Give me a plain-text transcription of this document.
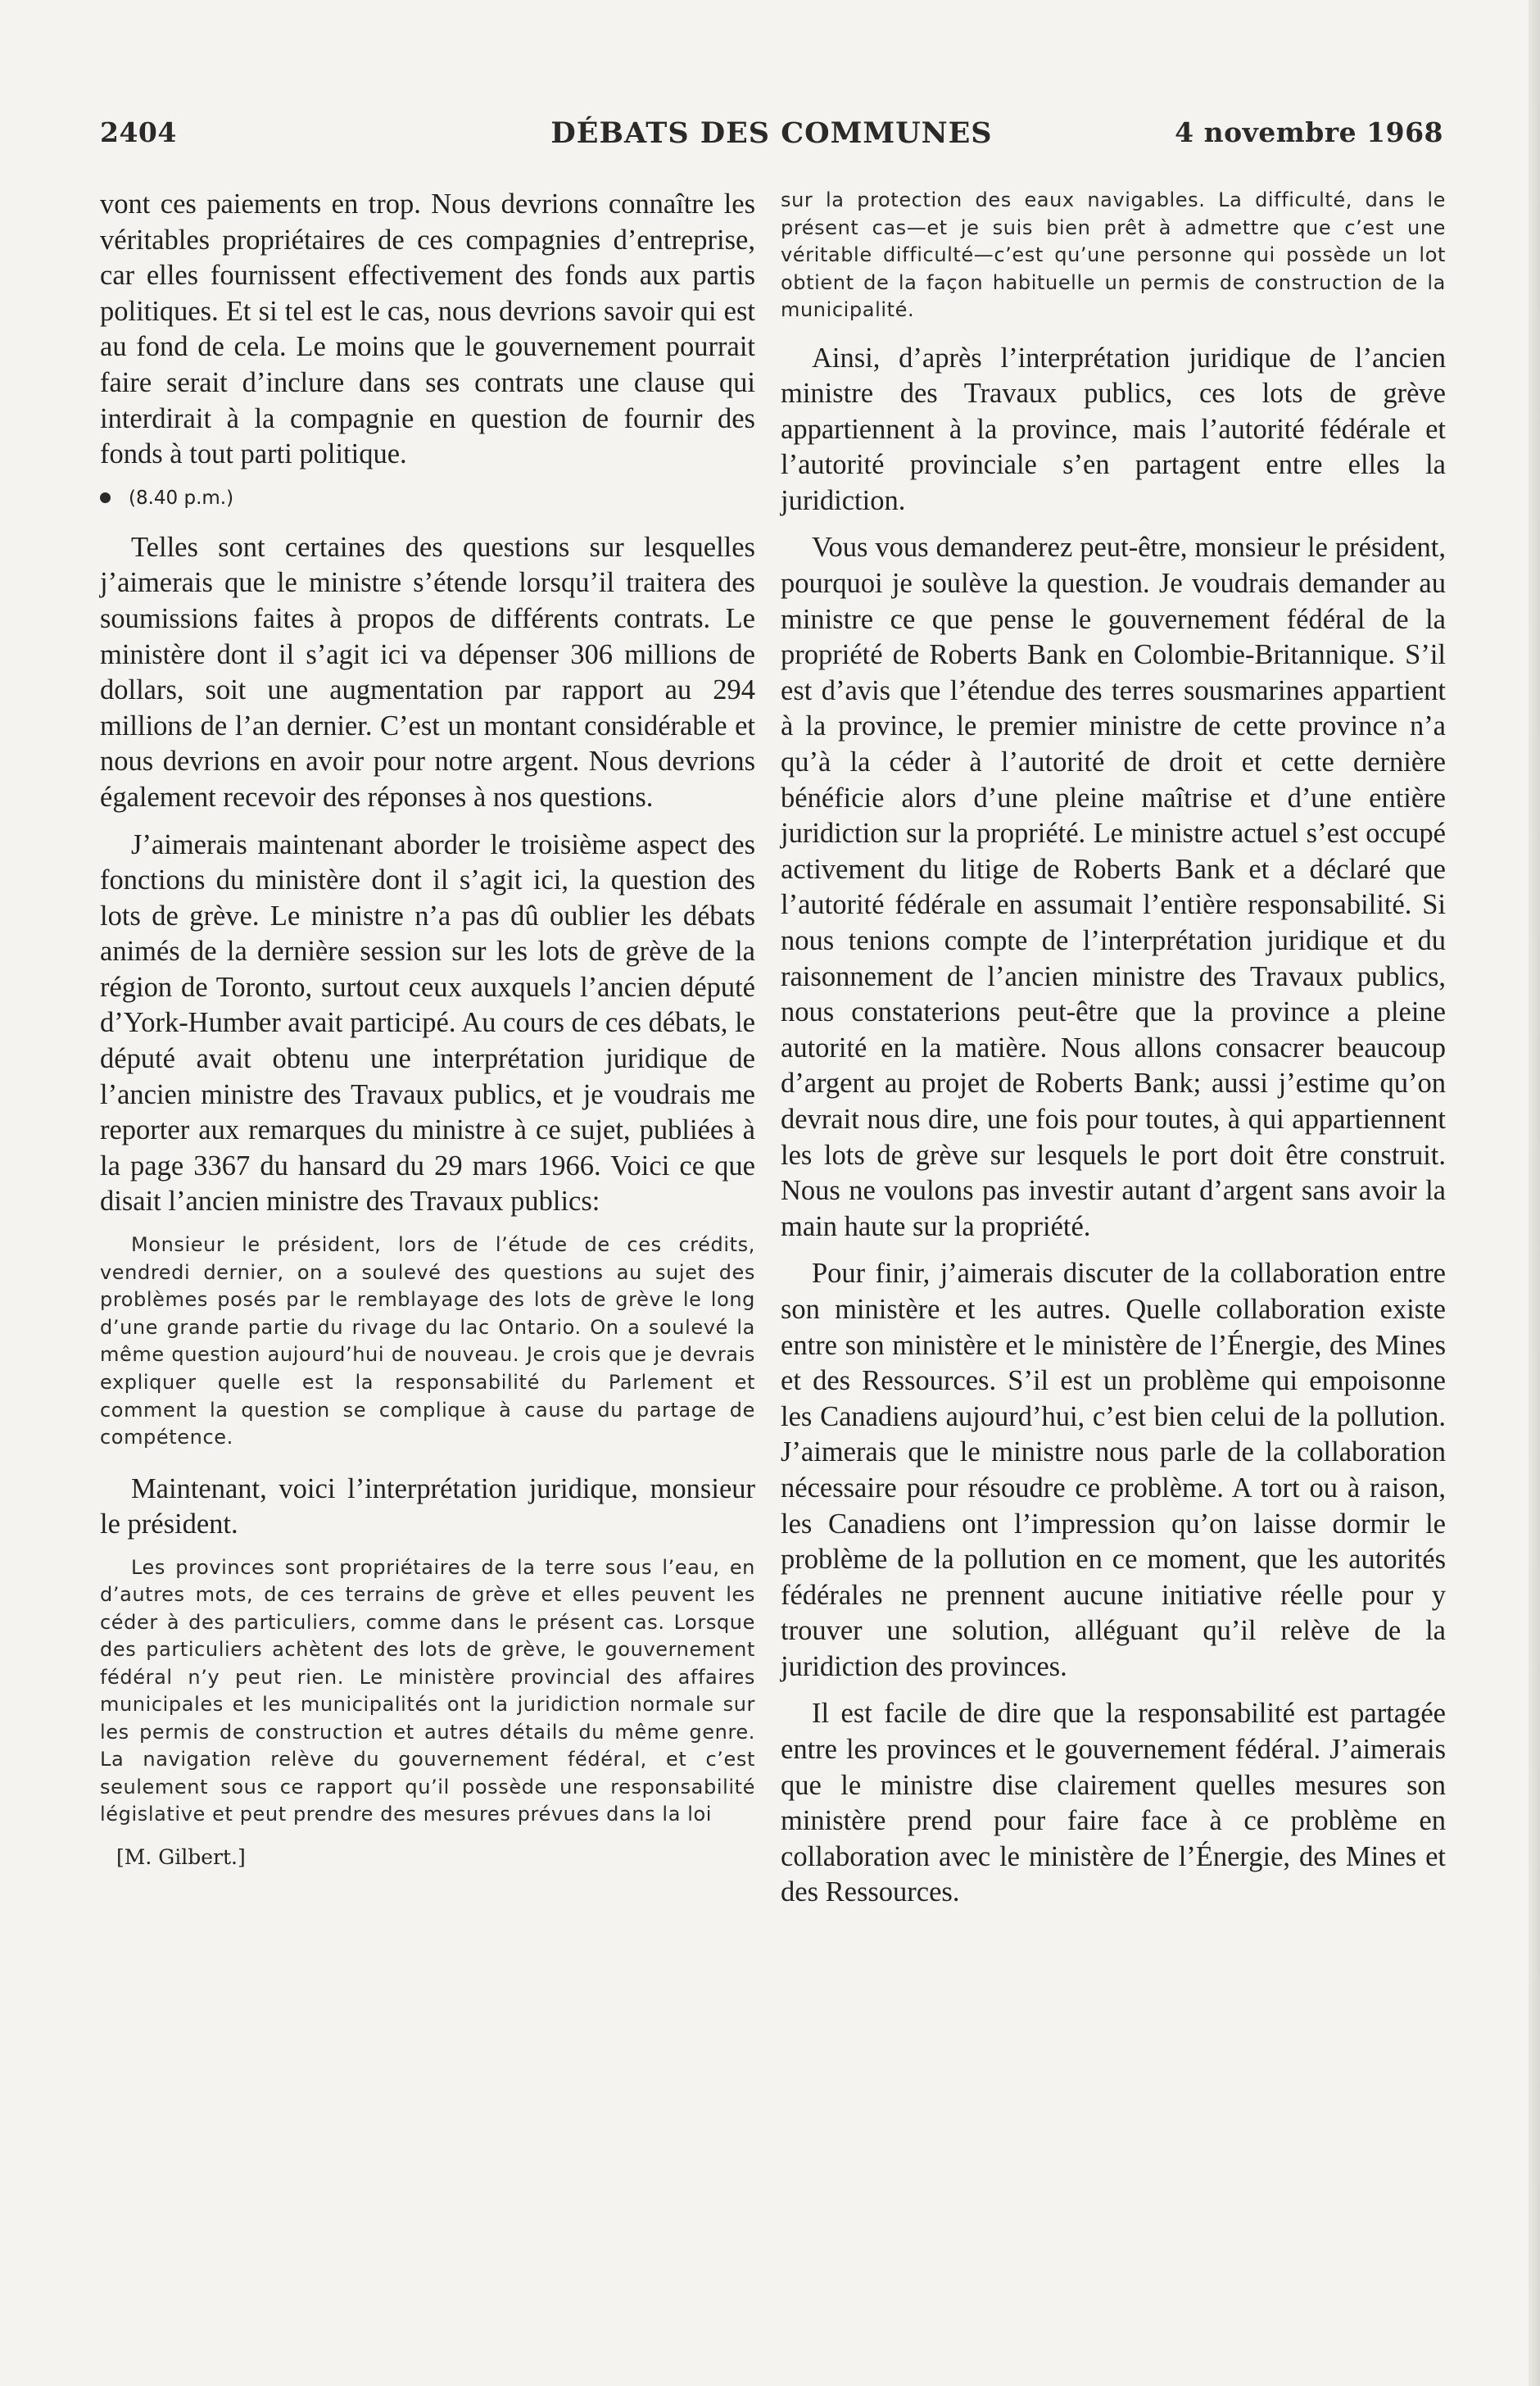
2404	DÉBATS DES COMMUNES	4 novembre 1968

vont ces paiements en trop. Nous devrions connaître les véritables propriétaires de ces compagnies d’entreprise, car elles fournissent effectivement des fonds aux partis politiques. Et si tel est le cas, nous devrions savoir qui est au fond de cela. Le moins que le gouvernement pourrait faire serait d’inclure dans ses contrats une clause qui interdirait à la compagnie en question de fournir des fonds à tout parti politique.

(8.40 p.m.)

Telles sont certaines des questions sur lesquelles j’aimerais que le ministre s’étende lorsqu’il traitera des soumissions faites à propos de différents contrats. Le ministère dont il s’agit ici va dépenser 306 millions de dollars, soit une augmentation par rapport au 294 millions de l’an dernier. C’est un montant considérable et nous devrions en avoir pour notre argent. Nous devrions également recevoir des réponses à nos questions.

J’aimerais maintenant aborder le troisième aspect des fonctions du ministère dont il s’agit ici, la question des lots de grève. Le ministre n’a pas dû oublier les débats animés de la dernière session sur les lots de grève de la région de Toronto, surtout ceux auxquels l’ancien député d’York-Humber avait participé. Au cours de ces débats, le député avait obtenu une interprétation juridique de l’ancien ministre des Travaux publics, et je voudrais me reporter aux remarques du ministre à ce sujet, publiées à la page 3367 du hansard du 29 mars 1966. Voici ce que disait l’ancien ministre des Travaux publics:

Monsieur le président, lors de l’étude de ces crédits, vendredi dernier, on a soulevé des questions au sujet des problèmes posés par le remblayage des lots de grève le long d’une grande partie du rivage du lac Ontario. On a soulevé la même question aujourd’hui de nouveau. Je crois que je devrais expliquer quelle est la responsabilité du Parlement et comment la question se complique à cause du partage de compétence.

Maintenant, voici l’interprétation juridique, monsieur le président.

Les provinces sont propriétaires de la terre sous l’eau, en d’autres mots, de ces terrains de grève et elles peuvent les céder à des particuliers, comme dans le présent cas. Lorsque des particuliers achètent des lots de grève, le gouvernement fédéral n’y peut rien. Le ministère provincial des affaires municipales et les municipalités ont la juridiction normale sur les permis de construction et autres détails du même genre. La navigation relève du gouvernement fédéral, et c’est seulement sous ce rapport qu’il possède une responsabilité législative et peut prendre des mesures prévues dans la loi

[M. Gilbert.]

sur la protection des eaux navigables. La difficulté, dans le présent cas—et je suis bien prêt à admettre que c’est une véritable difficulté—c’est qu’une personne qui possède un lot obtient de la façon habituelle un permis de construction de la municipalité.

Ainsi, d’après l’interprétation juridique de l’ancien ministre des Travaux publics, ces lots de grève appartiennent à la province, mais l’autorité fédérale et l’autorité provinciale s’en partagent entre elles la juridiction.

Vous vous demanderez peut-être, monsieur le président, pourquoi je soulève la question. Je voudrais demander au ministre ce que pense le gouvernement fédéral de la propriété de Roberts Bank en Colombie-Britannique. S’il est d’avis que l’étendue des terres sousmarines appartient à la province, le premier ministre de cette province n’a qu’à la céder à l’autorité de droit et cette dernière bénéficie alors d’une pleine maîtrise et d’une entière juridiction sur la propriété. Le ministre actuel s’est occupé activement du litige de Roberts Bank et a déclaré que l’autorité fédérale en assumait l’entière responsabilité. Si nous tenions compte de l’interprétation juridique et du raisonnement de l’ancien ministre des Travaux publics, nous constaterions peut-être que la province a pleine autorité en la matière. Nous allons consacrer beaucoup d’argent au projet de Roberts Bank; aussi j’estime qu’on devrait nous dire, une fois pour toutes, à qui appartiennent les lots de grève sur lesquels le port doit être construit. Nous ne voulons pas investir autant d’argent sans avoir la main haute sur la propriété.

Pour finir, j’aimerais discuter de la collaboration entre son ministère et les autres. Quelle collaboration existe entre son ministère et le ministère de l’Énergie, des Mines et des Ressources. S’il est un problème qui empoisonne les Canadiens aujourd’hui, c’est bien celui de la pollution. J’aimerais que le ministre nous parle de la collaboration nécessaire pour résoudre ce problème. A tort ou à raison, les Canadiens ont l’impression qu’on laisse dormir le problème de la pollution en ce moment, que les autorités fédérales ne prennent aucune initiative réelle pour y trouver une solution, alléguant qu’il relève de la juridiction des provinces.

Il est facile de dire que la responsabilité est partagée entre les provinces et le gouvernement fédéral. J’aimerais que le ministre dise clairement quelles mesures son ministère prend pour faire face à ce problème en collaboration avec le ministère de l’Énergie, des Mines et des Ressources.
